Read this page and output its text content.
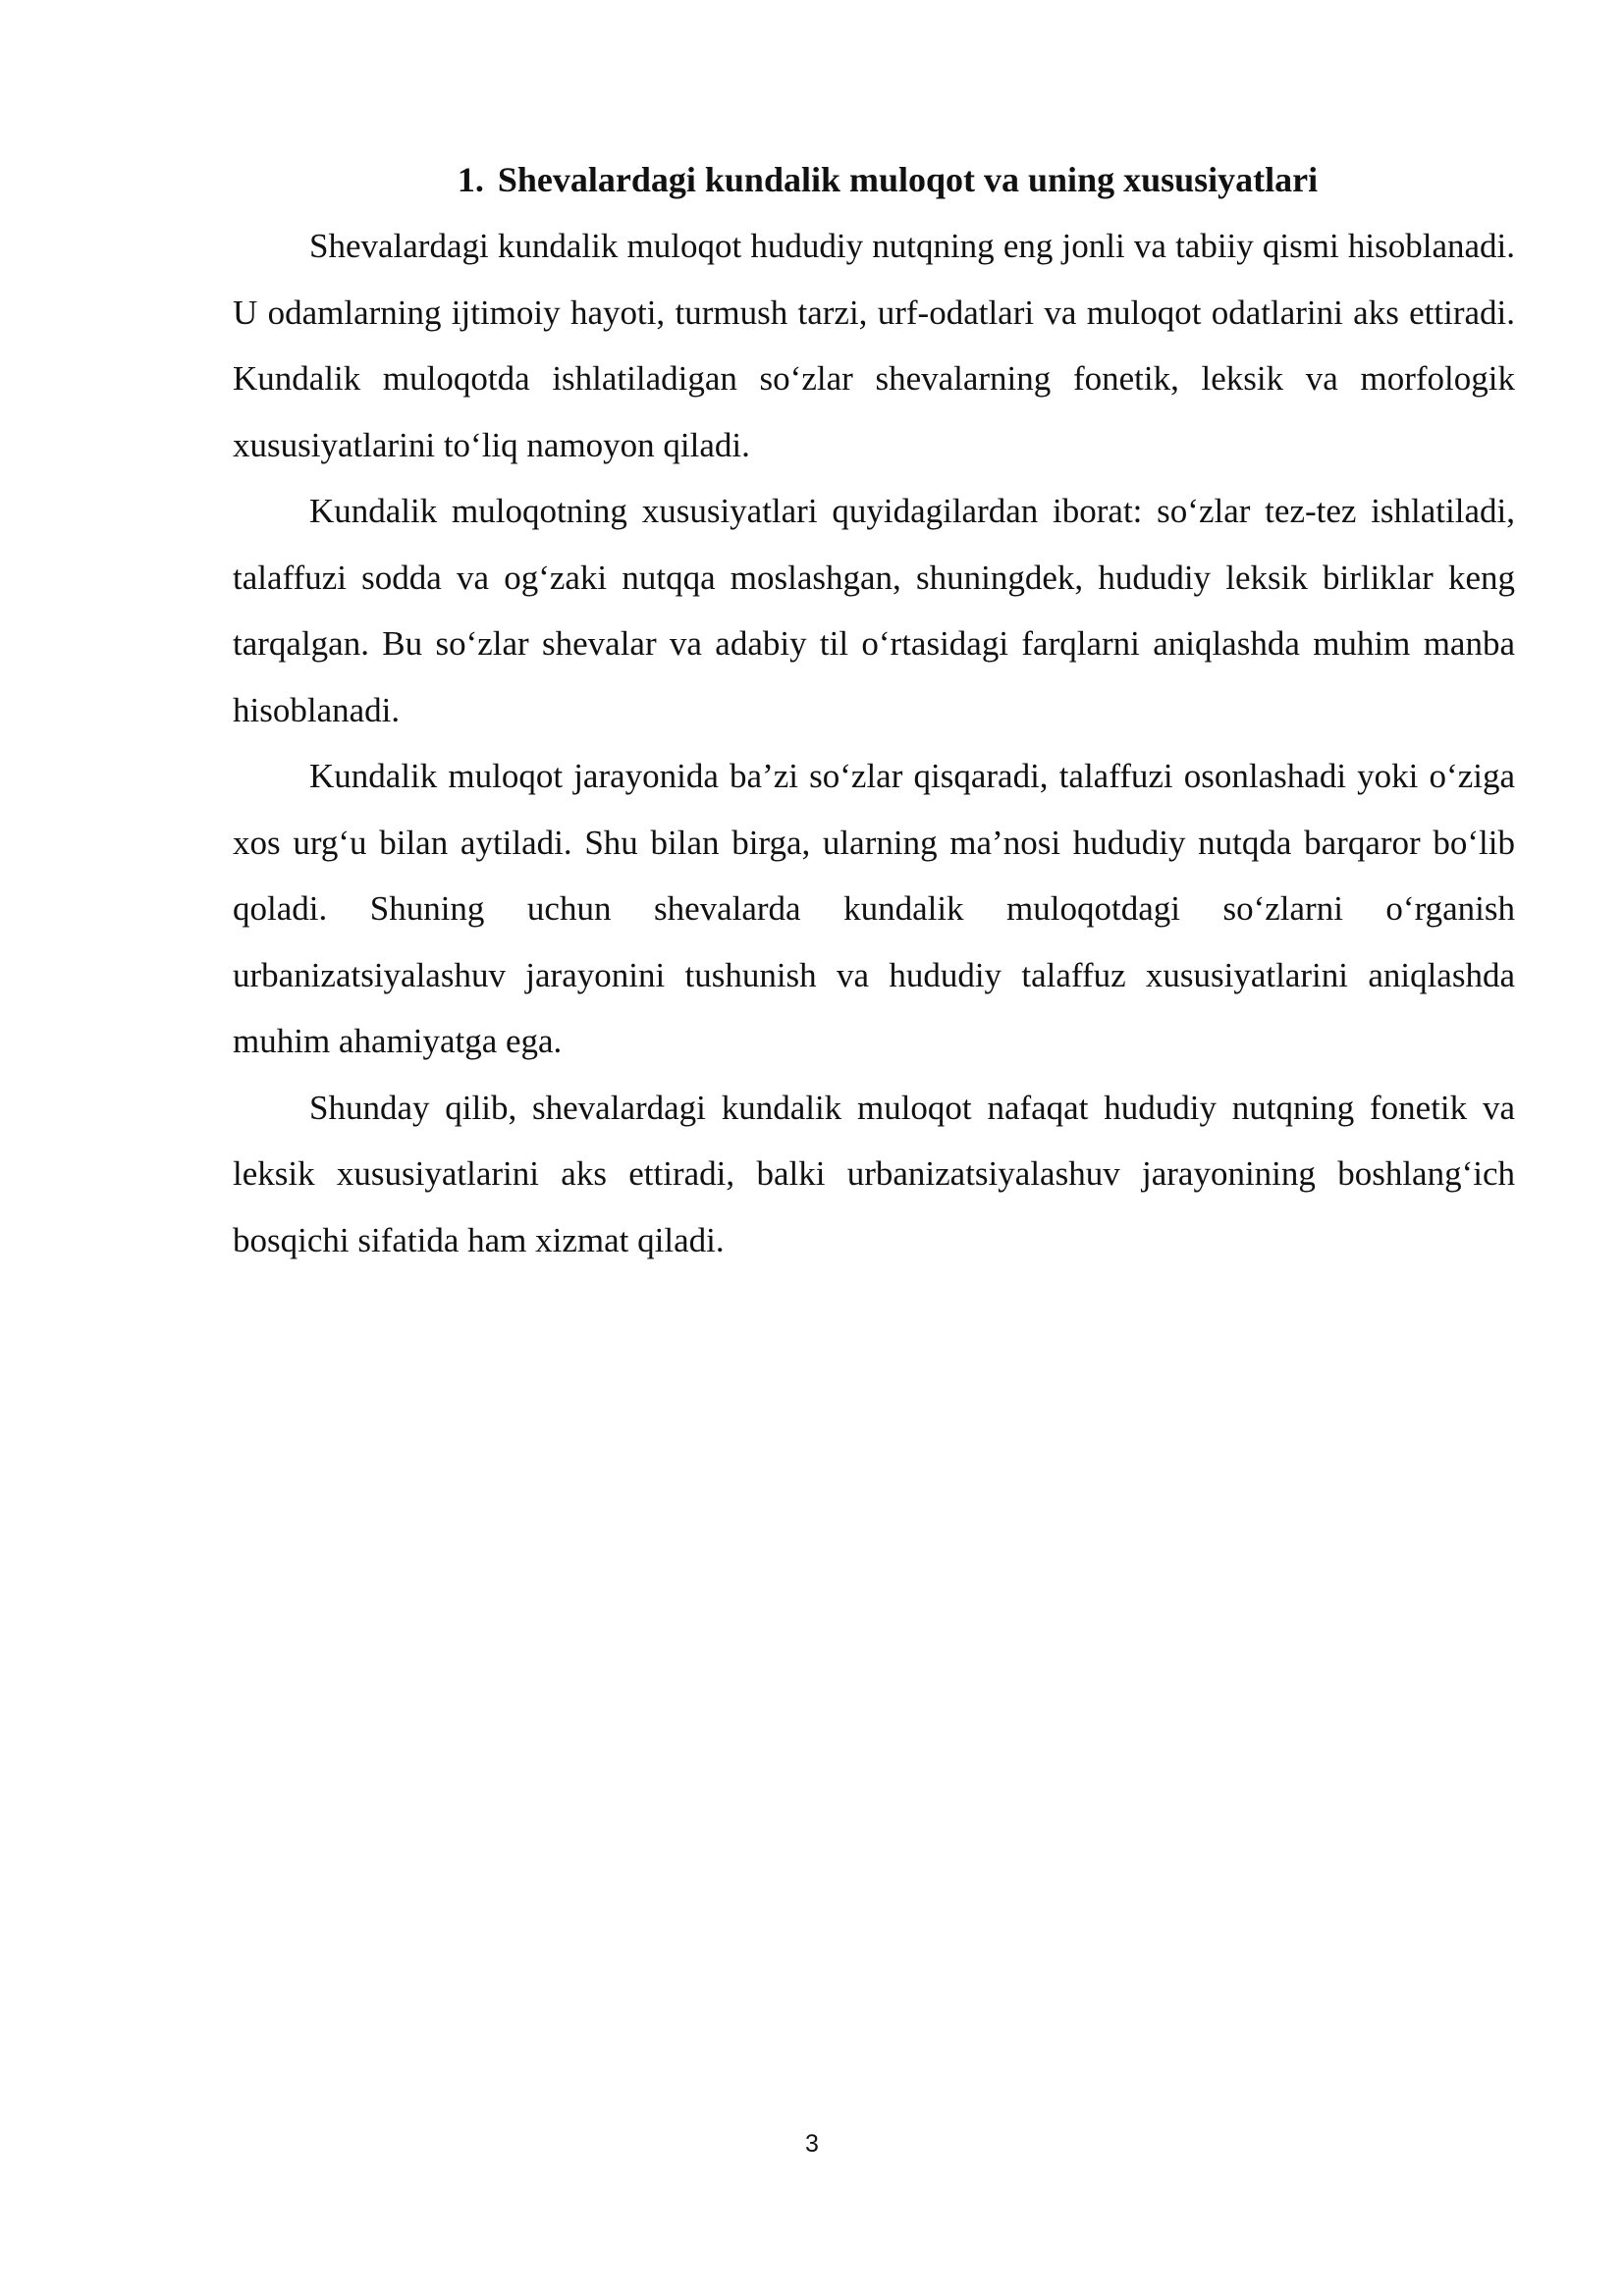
1. Shevalardagi kundalik muloqot va uning xususiyatlari

Shevalardagi kundalik muloqot hududiy nutqning eng jonli va tabiiy qismi hisoblanadi. U odamlarning ijtimoiy hayoti, turmush tarzi, urf-odatlari va muloqot odatlarini aks ettiradi. Kundalik muloqotda ishlatiladigan so‘zlar shevalarning fonetik, leksik va morfologik xususiyatlarini to‘liq namoyon qiladi.

Kundalik muloqotning xususiyatlari quyidagilardan iborat: so‘zlar tez-tez ishlatiladi, talaffuzi sodda va og‘zaki nutqqa moslashgan, shuningdek, hududiy leksik birliklar keng tarqalgan. Bu so‘zlar shevalar va adabiy til o‘rtasidagi farqlarni aniqlashda muhim manba hisoblanadi.

Kundalik muloqot jarayonida ba’zi so‘zlar qisqaradi, talaffuzi osonlashadi yoki o‘ziga xos urg‘u bilan aytiladi. Shu bilan birga, ularning ma’nosi hududiy nutqda barqaror bo‘lib qoladi. Shuning uchun shevalarda kundalik muloqotdagi so‘zlarni o‘rganish urbanizatsiyalashuv jarayonini tushunish va hududiy talaffuz xususiyatlarini aniqlashda muhim ahamiyatga ega.

Shunday qilib, shevalardagi kundalik muloqot nafaqat hududiy nutqning fonetik va leksik xususiyatlarini aks ettiradi, balki urbanizatsiyalashuv jarayonining boshlang‘ich bosqichi sifatida ham xizmat qiladi.

3
